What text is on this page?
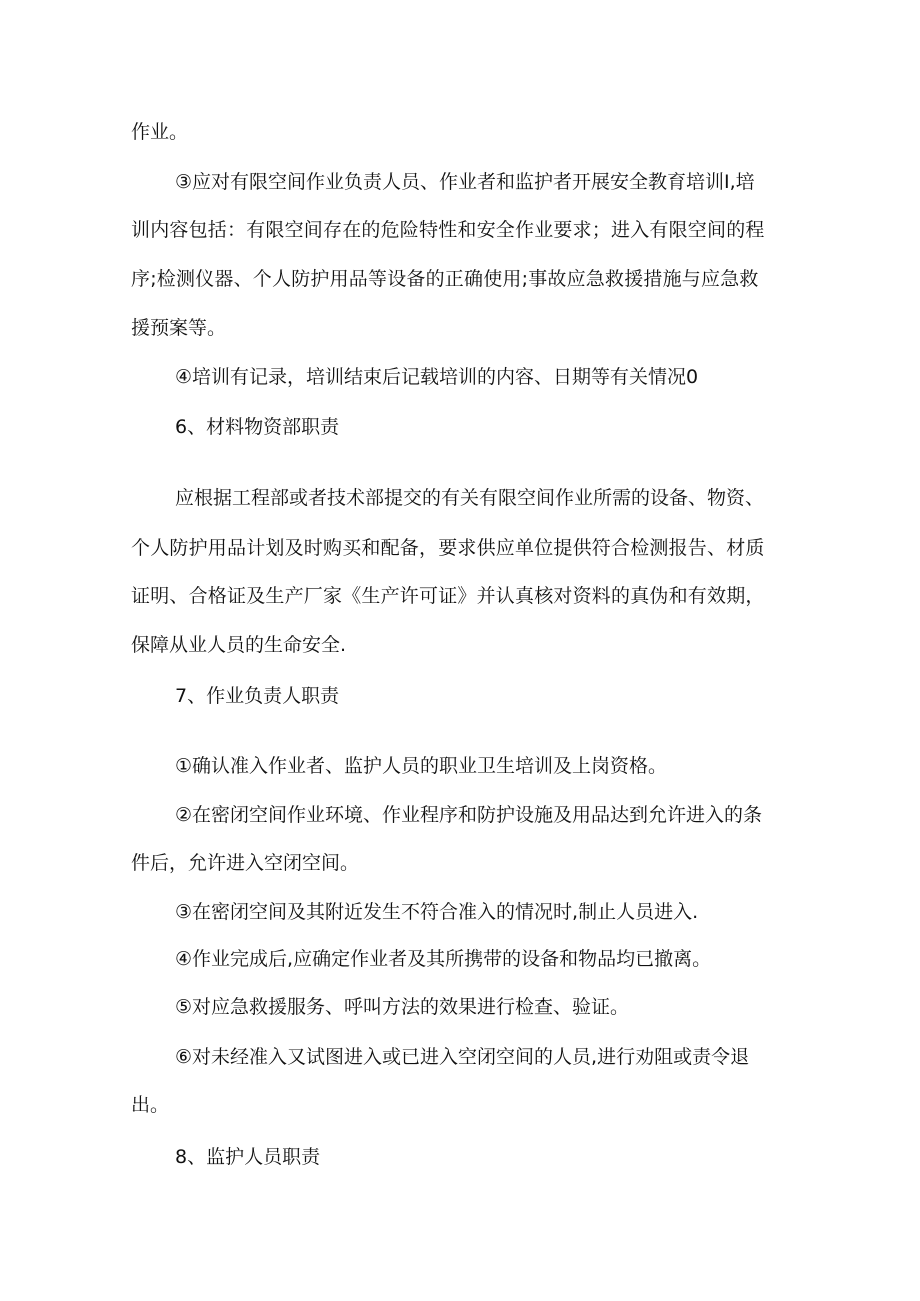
作业。

③应对有限空间作业负责人员、作业者和监护者开展安全教育培训I,培

训内容包括：有限空间存在的危险特性和安全作业要求；进入有限空间的程

序;检测仪器、个人防护用品等设备的正确使用;事故应急救援措施与应急救

援预案等。

④培训有记录，培训结束后记载培训的内容、日期等有关情况0

6、材料物资部职责

应根据工程部或者技术部提交的有关有限空间作业所需的设备、物资、

个人防护用品计划及时购买和配备，要求供应单位提供符合检测报告、材质

证明、合格证及生产厂家《生产许可证》并认真核对资料的真伪和有效期，

保障从业人员的生命安全.

7、作业负责人职责

①确认准入作业者、监护人员的职业卫生培训及上岗资格。

②在密闭空间作业环境、作业程序和防护设施及用品达到允许进入的条

件后，允许进入空闭空间。

③在密闭空间及其附近发生不符合准入的情况时,制止人员进入.

④作业完成后,应确定作业者及其所携带的设备和物品均已撤离。

⑤对应急救援服务、呼叫方法的效果进行检查、验证。

⑥对未经准入又试图进入或已进入空闭空间的人员,进行劝阻或责令退

出。

8、监护人员职责
